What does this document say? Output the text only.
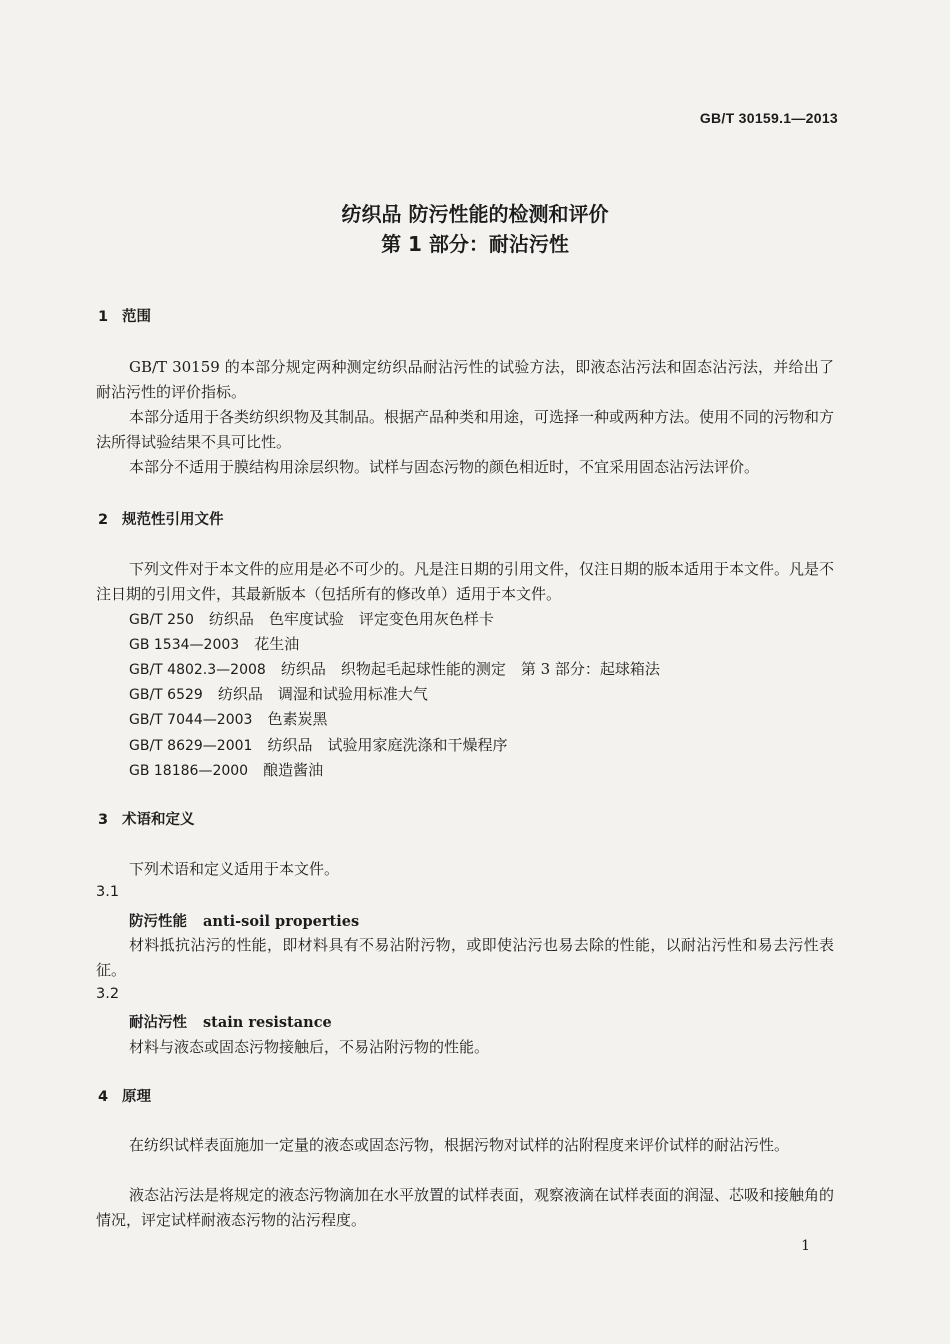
GB/T 30159.1—2013
纺织品 防污性能的检测和评价
第 1 部分：耐沾污性
1 范围
GB/T 30159 的本部分规定两种测定纺织品耐沾污性的试验方法，即液态沾污法和固态沾污法，并给出了耐沾污性的评价指标。
本部分适用于各类纺织织物及其制品。根据产品种类和用途，可选择一种或两种方法。使用不同的污物和方法所得试验结果不具可比性。
本部分不适用于膜结构用涂层织物。试样与固态污物的颜色相近时，不宜采用固态沾污法评价。
2 规范性引用文件
下列文件对于本文件的应用是必不可少的。凡是注日期的引用文件，仅注日期的版本适用于本文件。凡是不注日期的引用文件，其最新版本（包括所有的修改单）适用于本文件。
GB/T 250　 纺织品　色牢度试验　评定变色用灰色样卡
GB 1534—2003　 花生油
GB/T 4802.3—2008　 纺织品　织物起毛起球性能的测定　第 3 部分：起球箱法
GB/T 6529　 纺织品　调湿和试验用标准大气
GB/T 7044—2003　 色素炭黑
GB/T 8629—2001　 纺织品　试验用家庭洗涤和干燥程序
GB 18186—2000　 酿造酱油
3 术语和定义
下列术语和定义适用于本文件。
3.1
防污性能 anti-soil properties
材料抵抗沾污的性能，即材料具有不易沾附污物，或即使沾污也易去除的性能，以耐沾污性和易去污性表征。
3.2
耐沾污性 stain resistance
材料与液态或固态污物接触后，不易沾附污物的性能。
4 原理
在纺织试样表面施加一定量的液态或固态污物，根据污物对试样的沾附程度来评价试样的耐沾污性。
液态沾污法是将规定的液态污物滴加在水平放置的试样表面，观察液滴在试样表面的润湿、芯吸和接触角的情况，评定试样耐液态污物的沾污程度。
1
